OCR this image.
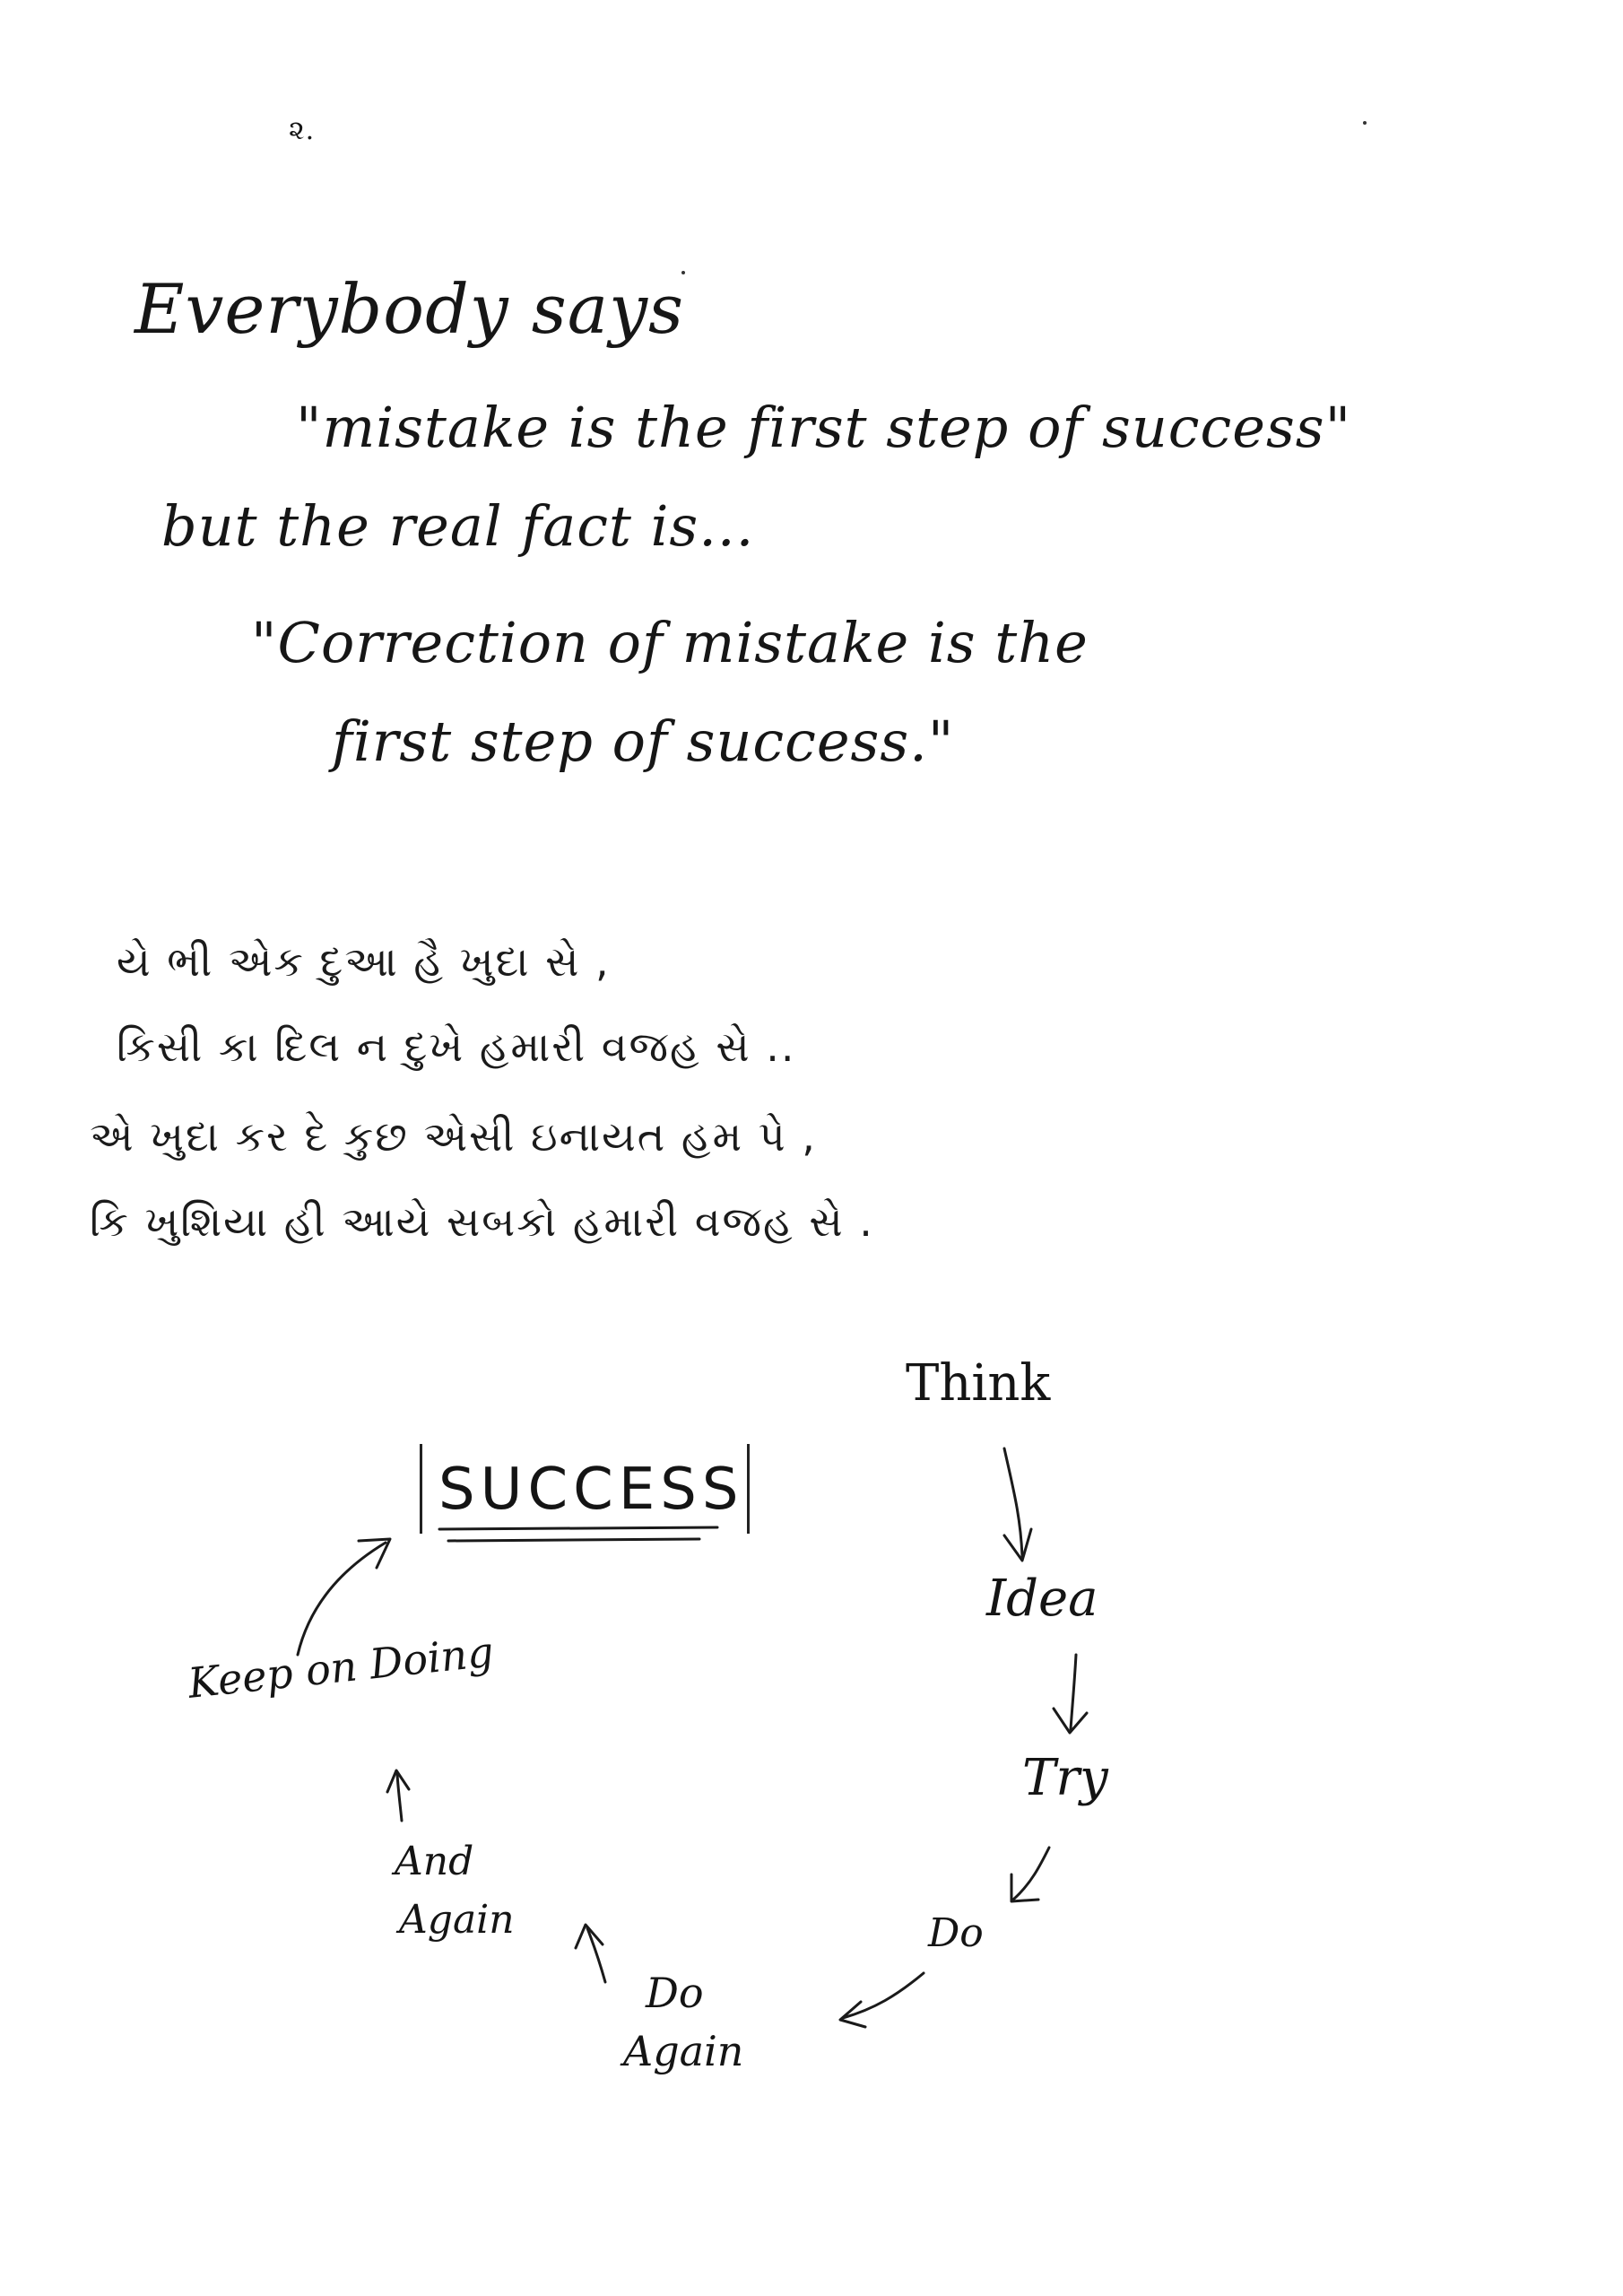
૨.
Everybody says
"mistake is the first step of success"
but the real fact is...
"Correction of mistake is the
first step of success."
યે ભી એક દુઆ હૈ ખુદા સે ,
કિસી કા દિલ ન દુખે હમારી વજહ સે ..
એ ખુદા કર દે કુછ એસી ઇનાયત હમ પે ,
કિ ખુશિયા હી આયે સબકો હમારી વજહ સે .
SUCCESS
Think
Idea
Try
Do
Do
Again
And
Again
Keep on Doing
